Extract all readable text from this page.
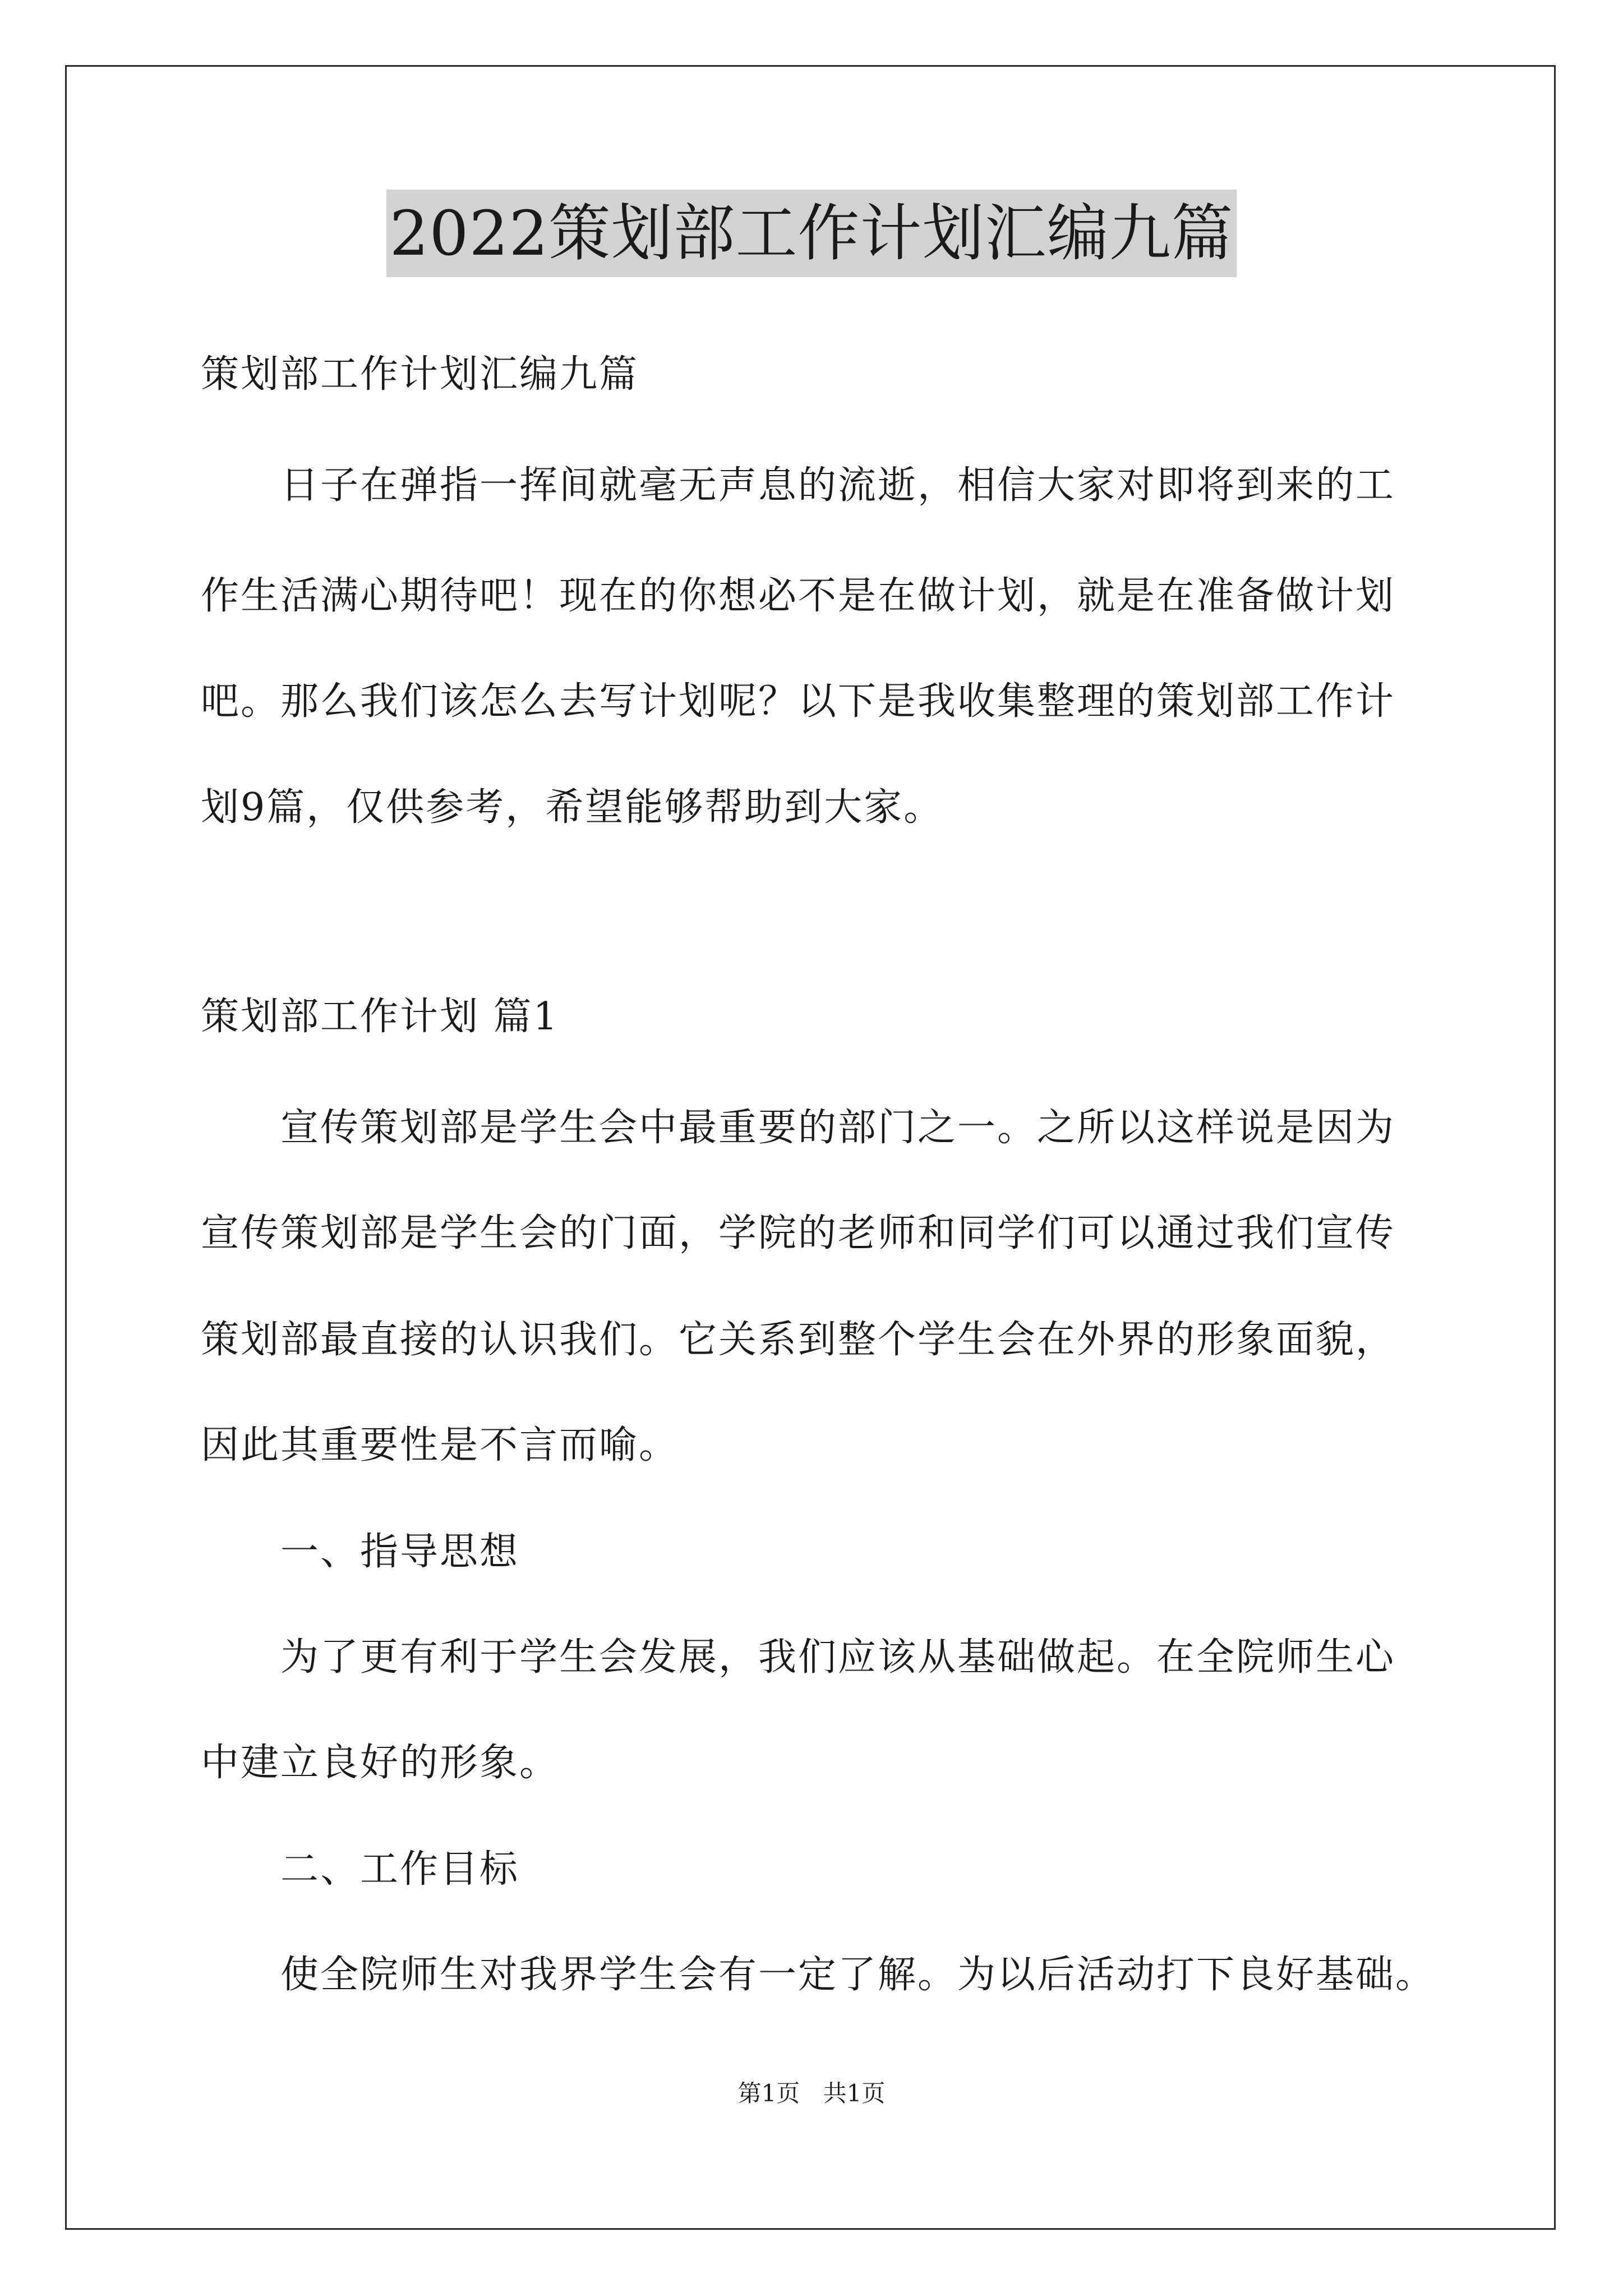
2022策划部工作计划汇编九篇
策划部工作计划汇编九篇
日子在弹指一挥间就毫无声息的流逝，相信大家对即将到来的工
作生活满心期待吧！现在的你想必不是在做计划，就是在准备做计划
吧。那么我们该怎么去写计划呢？以下是我收集整理的策划部工作计
划9篇，仅供参考，希望能够帮助到大家。
策划部工作计划 篇1
宣传策划部是学生会中最重要的部门之一。之所以这样说是因为
宣传策划部是学生会的门面，学院的老师和同学们可以通过我们宣传
策划部最直接的认识我们。它关系到整个学生会在外界的形象面貌，
因此其重要性是不言而喻。
一、指导思想
为了更有利于学生会发展，我们应该从基础做起。在全院师生心
中建立良好的形象。
二、工作目标
使全院师生对我界学生会有一定了解。为以后活动打下良好基础。
第1页 共1页
